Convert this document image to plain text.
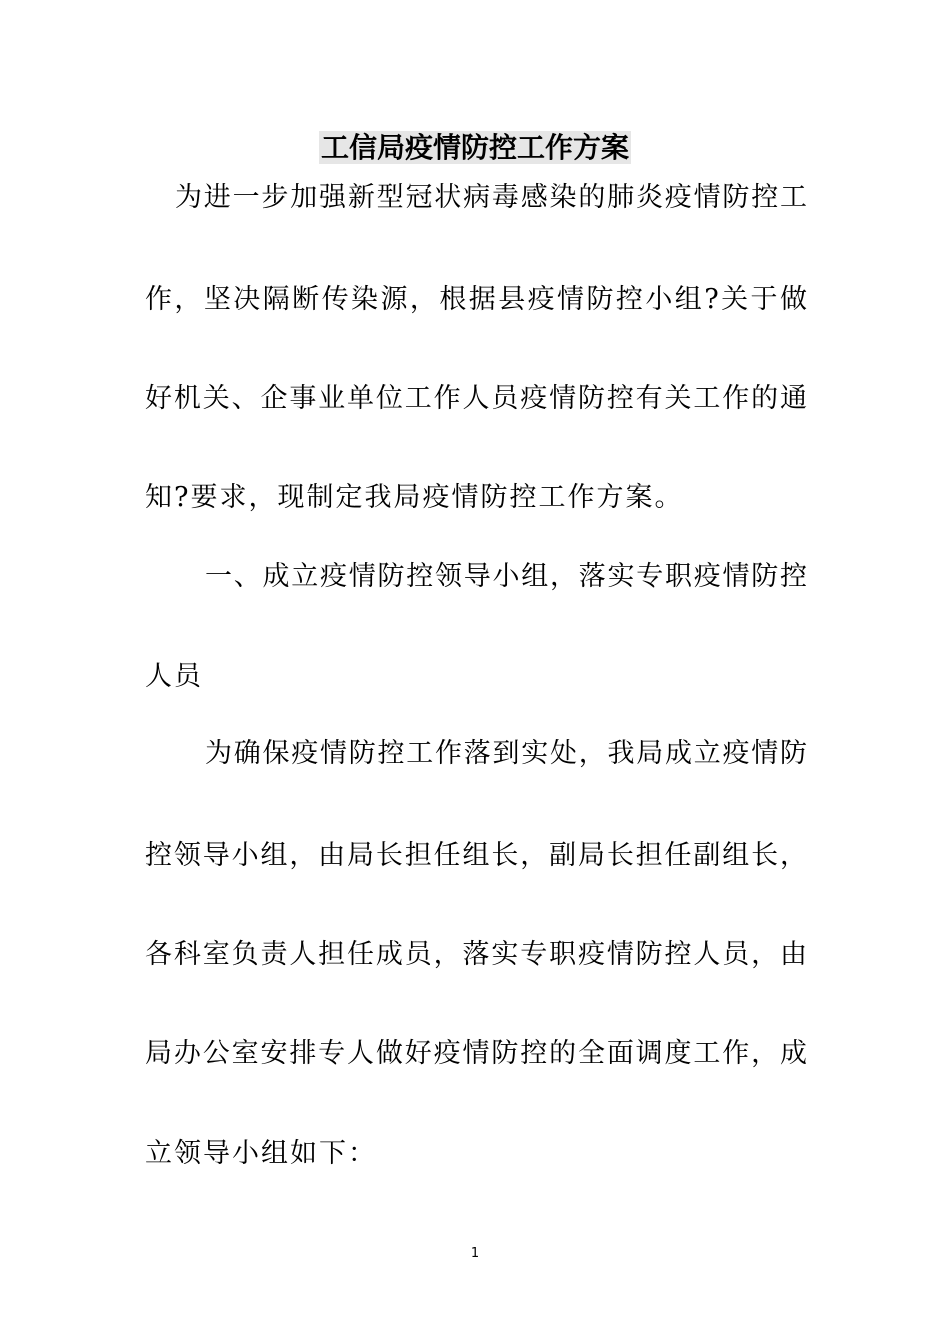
工信局疫情防控工作方案
为进一步加强新型冠状病毒感染的肺炎疫情防控工
作，坚决隔断传染源，根据县疫情防控小组?关于做
好机关、企事业单位工作人员疫情防控有关工作的通
知?要求，现制定我局疫情防控工作方案。
一、成立疫情防控领导小组，落实专职疫情防控
人员
为确保疫情防控工作落到实处，我局成立疫情防
控领导小组，由局长担任组长，副局长担任副组长，
各科室负责人担任成员，落实专职疫情防控人员，由
局办公室安排专人做好疫情防控的全面调度工作，成
立领导小组如下：
1
